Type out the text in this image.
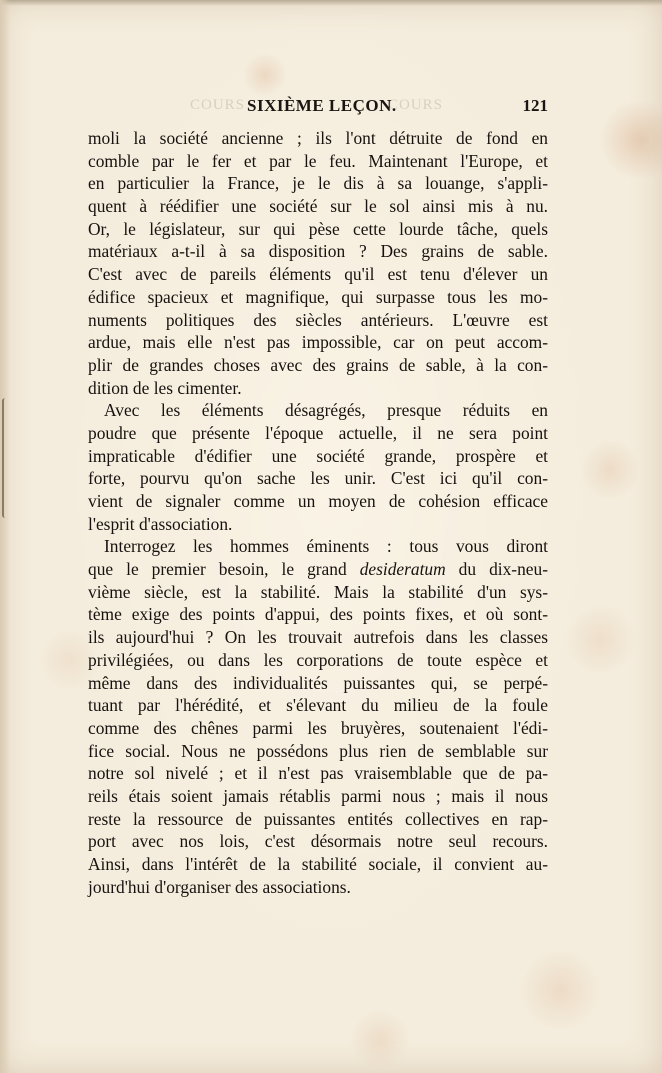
COURS	COURS
SIXIÈME LEÇON.	121
moli la société ancienne ; ils l'ont détruite de fond en
comble par le fer et par le feu. Maintenant l'Europe, et
en particulier la France, je le dis à sa louange, s'appli-
quent à réédifier une société sur le sol ainsi mis à nu.
Or, le législateur, sur qui pèse cette lourde tâche, quels
matériaux a-t-il à sa disposition ? Des grains de sable.
C'est avec de pareils éléments qu'il est tenu d'élever un
édifice spacieux et magnifique, qui surpasse tous les mo-
numents politiques des siècles antérieurs. L'œuvre est
ardue, mais elle n'est pas impossible, car on peut accom-
plir de grandes choses avec des grains de sable, à la con-
dition de les cimenter.
Avec les éléments désagrégés, presque réduits en
poudre que présente l'époque actuelle, il ne sera point
impraticable d'édifier une société grande, prospère et
forte, pourvu qu'on sache les unir. C'est ici qu'il con-
vient de signaler comme un moyen de cohésion efficace
l'esprit d'association.
Interrogez les hommes éminents : tous vous diront
que le premier besoin, le grand desideratum du dix-neu-
vième siècle, est la stabilité. Mais la stabilité d'un sys-
tème exige des points d'appui, des points fixes, et où sont-
ils aujourd'hui ? On les trouvait autrefois dans les classes
privilégiées, ou dans les corporations de toute espèce et
même dans des individualités puissantes qui, se perpé-
tuant par l'hérédité, et s'élevant du milieu de la foule
comme des chênes parmi les bruyères, soutenaient l'édi-
fice social. Nous ne possédons plus rien de semblable sur
notre sol nivelé ; et il n'est pas vraisemblable que de pa-
reils étais soient jamais rétablis parmi nous ; mais il nous
reste la ressource de puissantes entités collectives en rap-
port avec nos lois, c'est désormais notre seul recours.
Ainsi, dans l'intérêt de la stabilité sociale, il convient au-
jourd'hui d'organiser des associations.
